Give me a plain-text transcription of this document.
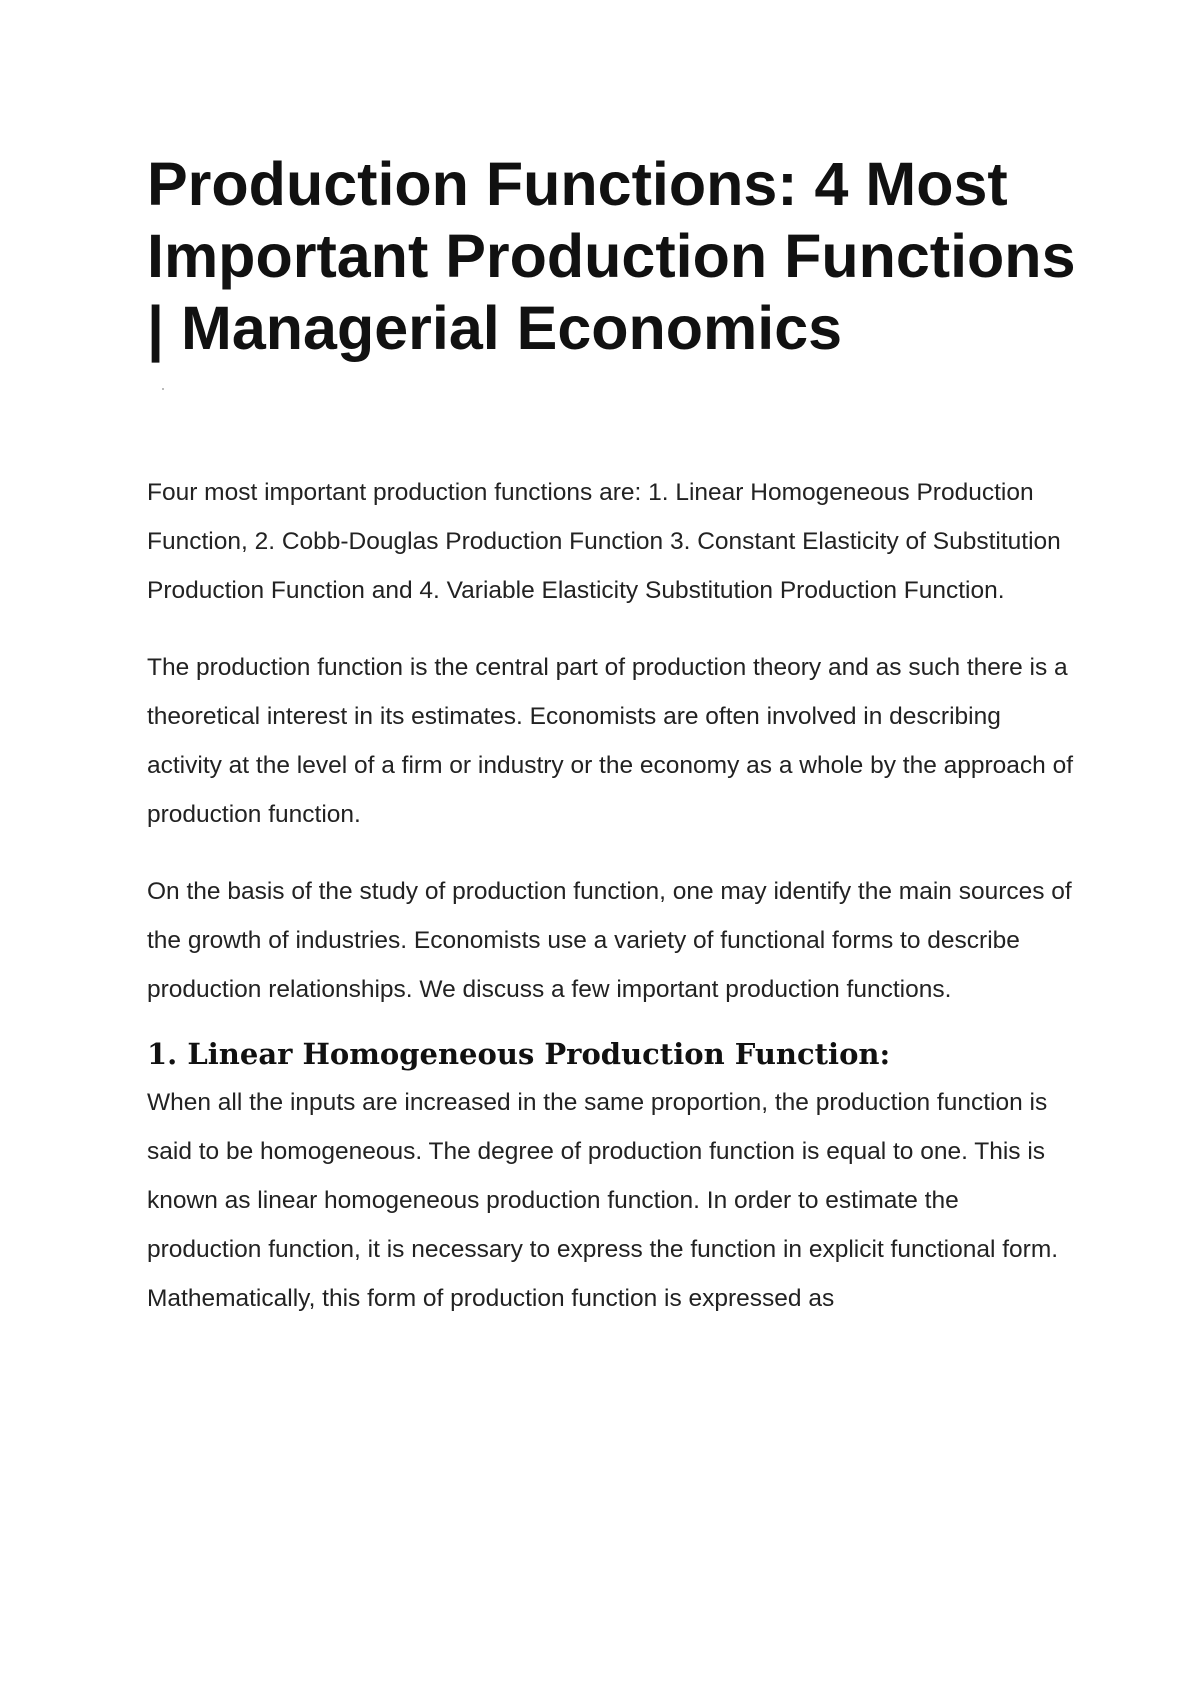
Production Functions: 4 Most Important Production Functions | Managerial Economics

Four most important production functions are: 1. Linear Homogeneous Production Function, 2. Cobb-Douglas Production Function 3. Constant Elasticity of Substitution Production Function and 4. Variable Elasticity Substitution Production Function.

The production function is the central part of production theory and as such there is a theoretical interest in its estimates. Economists are often involved in describing activity at the level of a firm or industry or the economy as a whole by the approach of production function.

On the basis of the study of production function, one may identify the main sources of the growth of industries. Economists use a variety of functional forms to describe production relationships. We discuss a few important production functions.

1. Linear Homogeneous Production Function:

When all the inputs are increased in the same proportion, the production function is said to be homogeneous. The degree of production function is equal to one. This is known as linear homogeneous production function. In order to estimate the production function, it is necessary to express the function in explicit functional form. Mathematically, this form of production function is expressed as
